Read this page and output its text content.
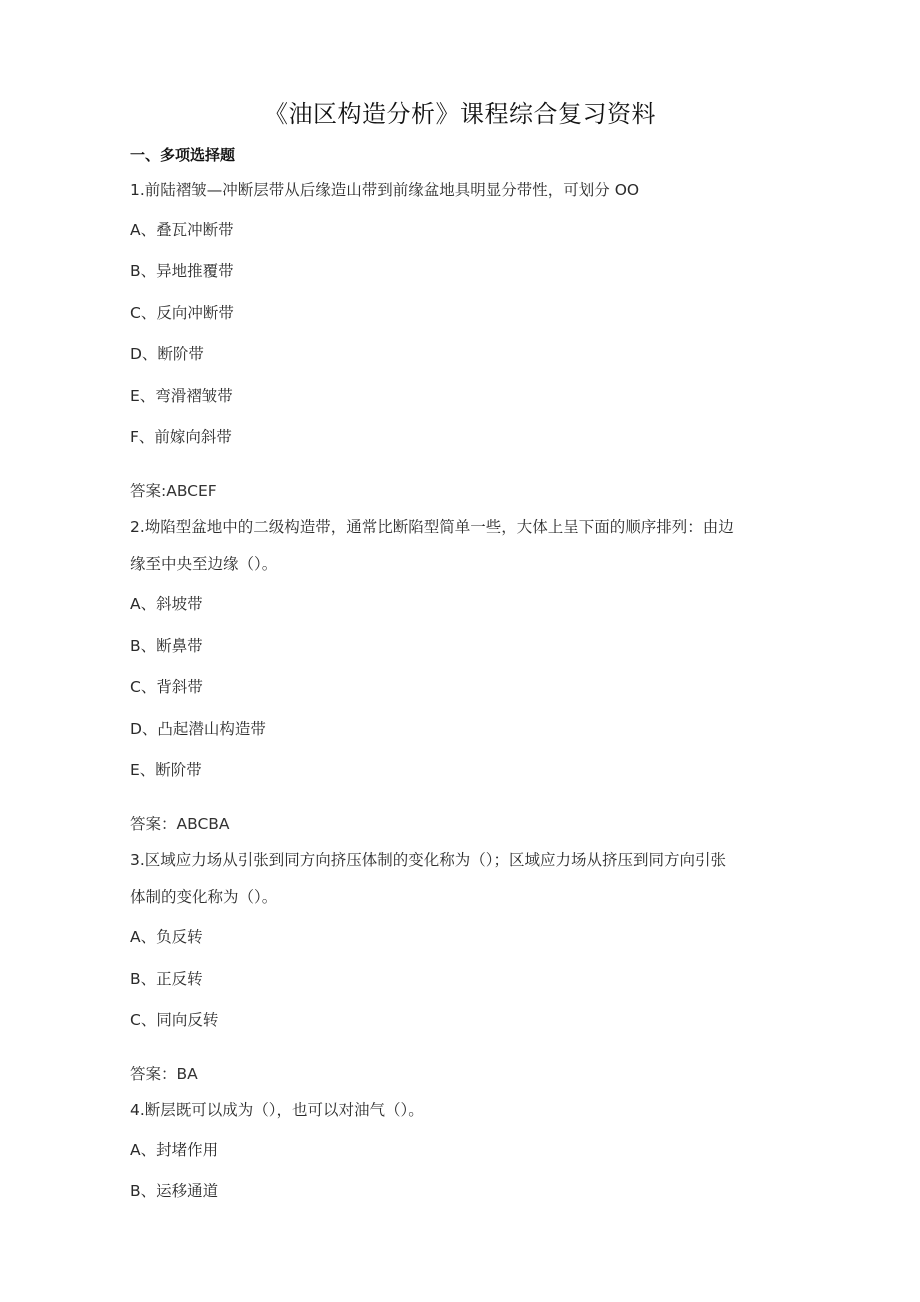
《油区构造分析》课程综合复习资料
一、多项选择题
1.前陆褶皱—冲断层带从后缘造山带到前缘盆地具明显分带性，可划分 OO
A、叠瓦冲断带
B、异地推覆带
C、反向冲断带
D、断阶带
E、弯滑褶皱带
F、前嫁向斜带
答案:ABCEF
2.坳陷型盆地中的二级构造带，通常比断陷型简单一些，大体上呈下面的顺序排列：由边
缘至中央至边缘（）。
A、斜坡带
B、断鼻带
C、背斜带
D、凸起潜山构造带
E、断阶带
答案：ABCBA
3.区域应力场从引张到同方向挤压体制的变化称为（）；区域应力场从挤压到同方向引张
体制的变化称为（）。
A、负反转
B、正反转
C、同向反转
答案：BA
4.断层既可以成为（），也可以对油气（）。
A、封堵作用
B、运移通道
